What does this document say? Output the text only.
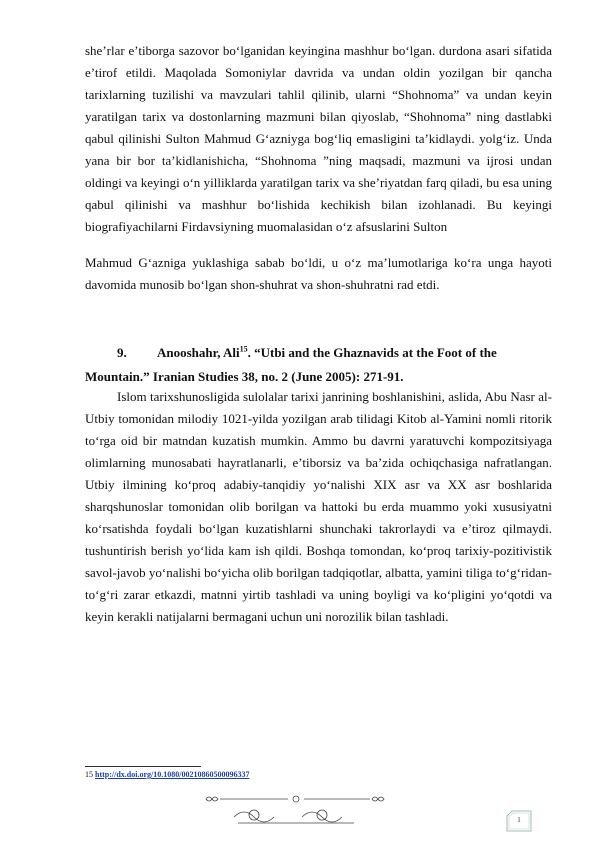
she’rlar e’tiborga sazovor bo‘lganidan keyingina mashhur bo‘lgan. durdona asari sifatida e’tirof etildi. Maqolada Somoniylar davrida va undan oldin yozilgan bir qancha tarixlarning tuzilishi va mavzulari tahlil qilinib, ularni “Shohnoma” va undan keyin yaratilgan tarix va dostonlarning mazmuni bilan qiyoslab, “Shohnoma” ning dastlabki qabul qilinishi Sulton Mahmud G‘azniyga bog‘liq emasligini ta’kidlaydi. yolg‘iz. Unda yana bir bor ta’kidlanishicha, “Shohnoma ”ning maqsadi, mazmuni va ijrosi undan oldingi va keyingi o‘n yilliklarda yaratilgan tarix va she’riyatdan farq qiladi, bu esa uning qabul qilinishi va mashhur bo‘lishida kechikish bilan izohlanadi. Bu keyingi biografiyachilarni Firdavsiyning muomalasidan o‘z afsuslarini Sulton

Mahmud G‘azniga yuklashiga sabab bo‘ldi, u o‘z ma’lumotlariga ko‘ra unga hayoti davomida munosib bo‘lgan shon-shuhrat va shon-shuhratni rad etdi.

9. Anooshahr, Ali$^{15}$. “Utbi and the Ghaznavids at the Foot of the Mountain.” Iranian Studies 38, no. 2 (June 2005): 271-91.

Islom tarixshunosligida sulolalar tarixi janrining boshlanishini, aslida, Abu Nasr al-Utbiy tomonidan milodiy 1021-yilda yozilgan arab tilidagi Kitob al-Yamini nomli ritorik to‘rga oid bir matndan kuzatish mumkin. Ammo bu davrni yaratuvchi kompozitsiyaga olimlarning munosabati hayratlanarli, e’tiborsiz va ba’zida ochiqchasiga nafratlangan. Utbiy ilmining ko‘proq adabiy-tanqidiy yo‘nalishi XIX asr va XX asr boshlarida sharqshunoslar tomonidan olib borilgan va hattoki bu erda muammo yoki xususiyatni ko‘rsatishda foydali bo‘lgan kuzatishlarni shunchaki takrorlaydi va e’tiroz qilmaydi. tushuntirish berish yo‘lida kam ish qildi. Boshqa tomondan, ko‘proq tarixiy-pozitivistik savol-javob yo‘nalishi bo‘yicha olib borilgan tadqiqotlar, albatta, yamini tiliga to‘g‘ridan-to‘g‘ri zarar etkazdi, matnni yirtib tashladi va uning boyligi va ko‘pligini yo‘qotdi va keyin kerakli natijalarni bermagani uchun uni norozilik bilan tashladi.

15 http://dx.doi.org/10.1080/00210860500096337
1
